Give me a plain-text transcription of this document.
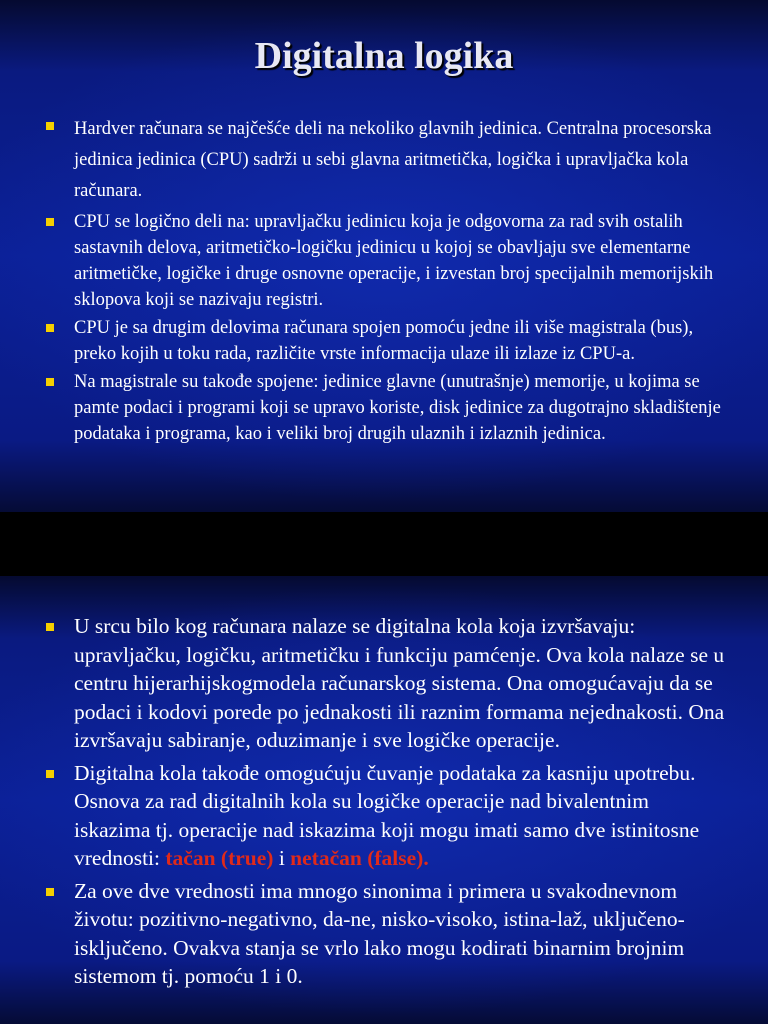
Digitalna logika
Hardver računara se najčešće deli na nekoliko glavnih jedinica. Centralna procesorska jedinica jedinica (CPU) sadrži u sebi glavna aritmetička, logička i upravljačka kola računara.
CPU se logično deli na: upravljačku jedinicu koja je odgovorna za rad svih ostalih sastavnih delova, aritmetičko-logičku jedinicu u kojoj se obavljaju sve elementarne aritmetičke, logičke i druge osnovne operacije, i izvestan broj specijalnih memorijskih sklopova koji se nazivaju registri.
CPU je sa drugim delovima računara spojen pomoću jedne ili više magistrala (bus), preko kojih u toku rada, različite vrste informacija ulaze ili izlaze iz CPU-a.
Na magistrale su takođe spojene: jedinice glavne (unutrašnje) memorije, u kojima se pamte podaci i programi koji se upravo koriste, disk jedinice za dugotrajno skladištenje podataka i programa, kao i veliki broj drugih ulaznih i izlaznih jedinica.
U srcu bilo kog računara nalaze se digitalna kola koja izvršavaju: upravljačku, logičku, aritmetičku i funkciju pamćenje. Ova kola nalaze se u centru hijerarhijskogmodela računarskog sistema. Ona omogućavaju da se podaci i kodovi porede po jednakosti ili raznim formama nejednakosti. Ona izvršavaju sabiranje, oduzimanje i sve logičke operacije.
Digitalna kola takođe omogućuju čuvanje podataka za kasniju upotrebu. Osnova za rad digitalnih kola su logičke operacije nad bivalentnim iskazima tj. operacije nad iskazima koji mogu imati samo dve istinitosne vrednosti: tačan (true) i netačan (false).
Za ove dve vrednosti ima mnogo sinonima i primera u svakodnevnom životu: pozitivno-negativno, da-ne, nisko-visoko, istina-laž, uključeno-isključeno. Ovakva stanja se vrlo lako mogu kodirati binarnim brojnim sistemom tj. pomoću 1 i 0.
